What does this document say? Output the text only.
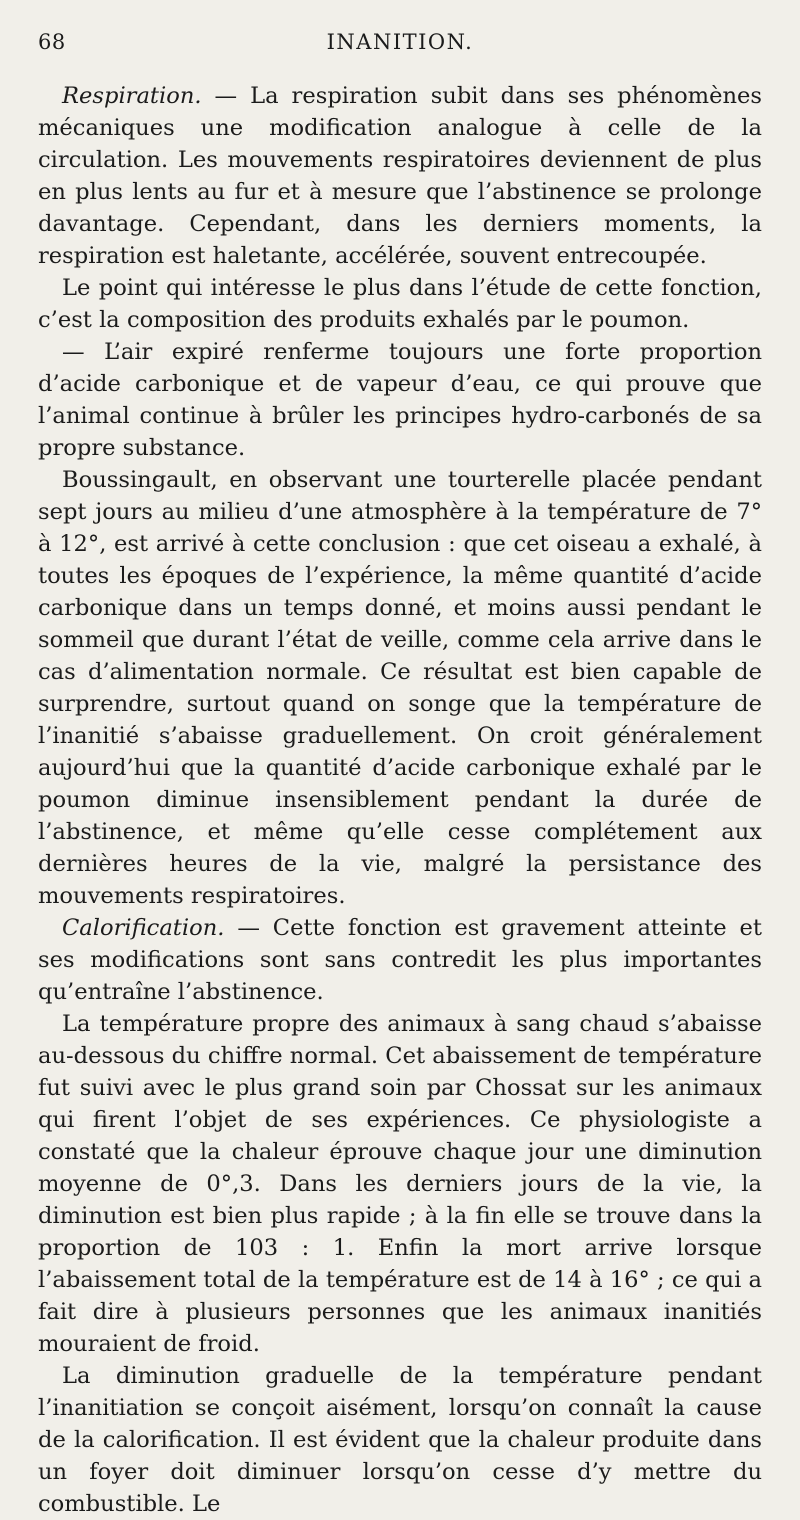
68	INANITION.

Respiration. — La respiration subit dans ses phénomènes mécaniques une modification analogue à celle de la circulation. Les mouvements respiratoires deviennent de plus en plus lents au fur et à mesure que l’abstinence se prolonge davantage. Cependant, dans les derniers moments, la respiration est haletante, accélérée, souvent entrecoupée.

Le point qui intéresse le plus dans l’étude de cette fonction, c’est la composition des produits exhalés par le poumon.

— L’air expiré renferme toujours une forte proportion d’acide carbonique et de vapeur d’eau, ce qui prouve que l’animal continue à brûler les principes hydro-carbonés de sa propre substance.

Boussingault, en observant une tourterelle placée pendant sept jours au milieu d’une atmosphère à la température de 7° à 12°, est arrivé à cette conclusion : que cet oiseau a exhalé, à toutes les époques de l’expérience, la même quantité d’acide carbonique dans un temps donné, et moins aussi pendant le sommeil que durant l’état de veille, comme cela arrive dans le cas d’alimentation normale. Ce résultat est bien capable de surprendre, surtout quand on songe que la température de l’inanitié s’abaisse graduellement. On croit généralement aujourd’hui que la quantité d’acide carbonique exhalé par le poumon diminue insensiblement pendant la durée de l’abstinence, et même qu’elle cesse complétement aux dernières heures de la vie, malgré la persistance des mouvements respiratoires.

Calorification. — Cette fonction est gravement atteinte et ses modifications sont sans contredit les plus importantes qu’entraîne l’abstinence.

La température propre des animaux à sang chaud s’abaisse au-dessous du chiffre normal. Cet abaissement de température fut suivi avec le plus grand soin par Chossat sur les animaux qui firent l’objet de ses expériences. Ce physiologiste a constaté que la chaleur éprouve chaque jour une diminution moyenne de 0°,3. Dans les derniers jours de la vie, la diminution est bien plus rapide ; à la fin elle se trouve dans la proportion de 103 : 1. Enfin la mort arrive lorsque l’abaissement total de la température est de 14 à 16° ; ce qui a fait dire à plusieurs personnes que les animaux inanitiés mouraient de froid.

La diminution graduelle de la température pendant l’inanitiation se conçoit aisément, lorsqu’on connaît la cause de la calorification. Il est évident que la chaleur produite dans un foyer doit diminuer lorsqu’on cesse d’y mettre du combustible. Le
